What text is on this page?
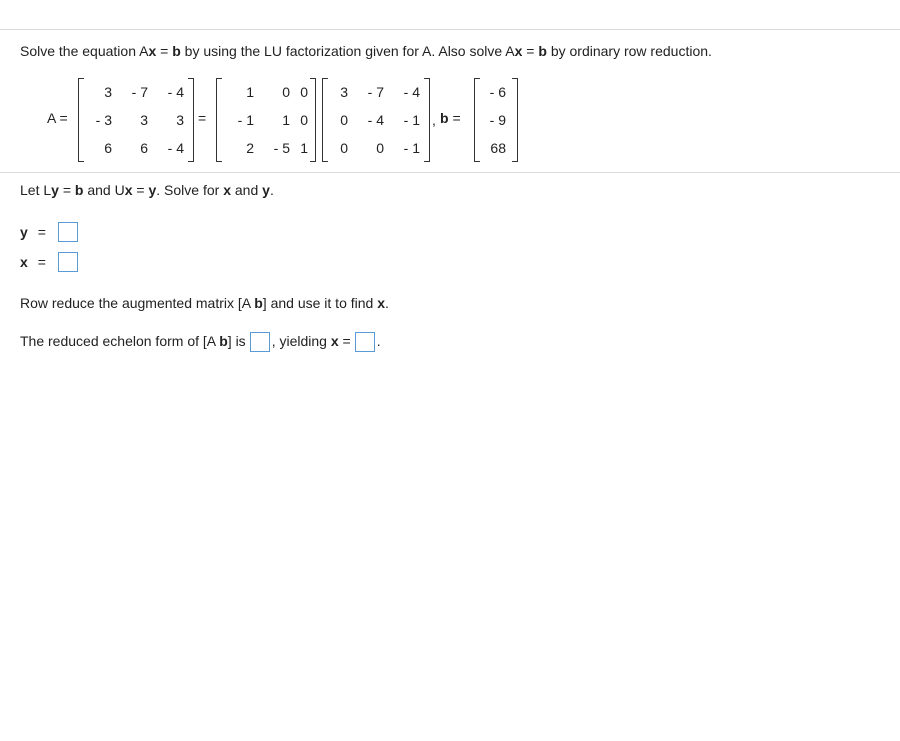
Solve the equation Ax = b by using the LU factorization given for A. Also solve Ax = b by ordinary row reduction.
A =
3 - 7 - 4
- 3 3 3
6 6 - 4
=
1 0 0
- 1 1 0
2 - 5 1
3 - 7 - 4
0 - 4 - 1
0 0 - 1
, b =
- 6
- 9
68
Let Ly = b and Ux = y. Solve for x and y.
y =
x =
Row reduce the augmented matrix [A b] and use it to find x.
The reduced echelon form of [A b] is , yielding x = .
